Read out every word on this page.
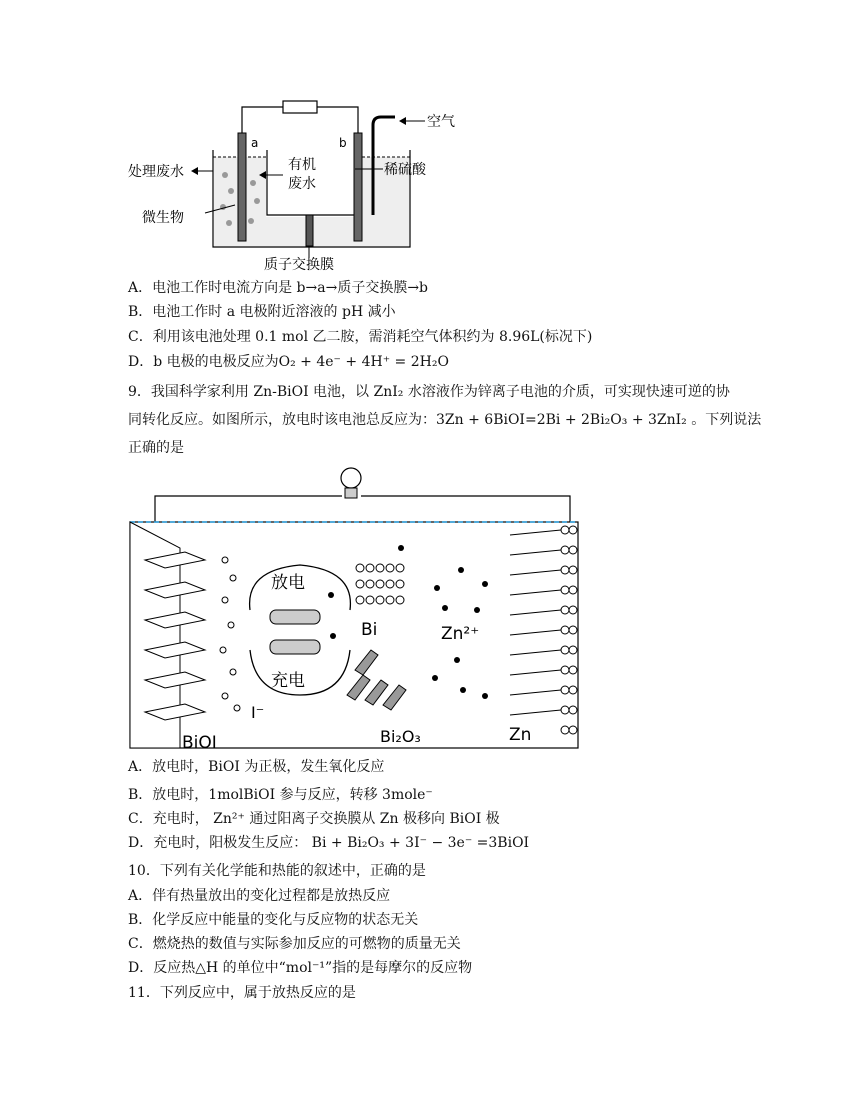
a	b
空气
处理废水	有机
废水
微生物
稀硫酸
质子交换膜
A．电池工作时电流方向是 b→a→质子交换膜→b
B．电池工作时 a 电极附近溶液的 pH 减小
C．利用该电池处理 0.1 mol 乙二胺，需消耗空气体积约为 8.96L(标况下)
D．b 电极的电极反应为O₂ + 4e⁻ + 4H⁺ = 2H₂O
9．我国科学家利用 Zn-BiOI 电池，以 ZnI₂ 水溶液作为锌离子电池的介质，可实现快速可逆的协
同转化反应。如图所示，放电时该电池总反应为：3Zn + 6BiOI=2Bi + 2Bi₂O₃ + 3ZnI₂ 。下列说法
正确的是
放电
充电
Bi	Zn²⁺
I⁻
Bi₂O₃
BiOI	Zn
A．放电时，BiOI 为正极，发生氧化反应
B．放电时，1molBiOI 参与反应，转移 3mole⁻
C．充电时， Zn²⁺ 通过阳离子交换膜从 Zn 极移向 BiOI 极
D．充电时，阳极发生反应： Bi + Bi₂O₃ + 3I⁻ − 3e⁻ =3BiOI
10．下列有关化学能和热能的叙述中，正确的是
A．伴有热量放出的变化过程都是放热反应
B．化学反应中能量的变化与反应物的状态无关
C．燃烧热的数值与实际参加反应的可燃物的质量无关
D．反应热△H 的单位中“mol⁻¹”指的是每摩尔的反应物
11．下列反应中，属于放热反应的是
